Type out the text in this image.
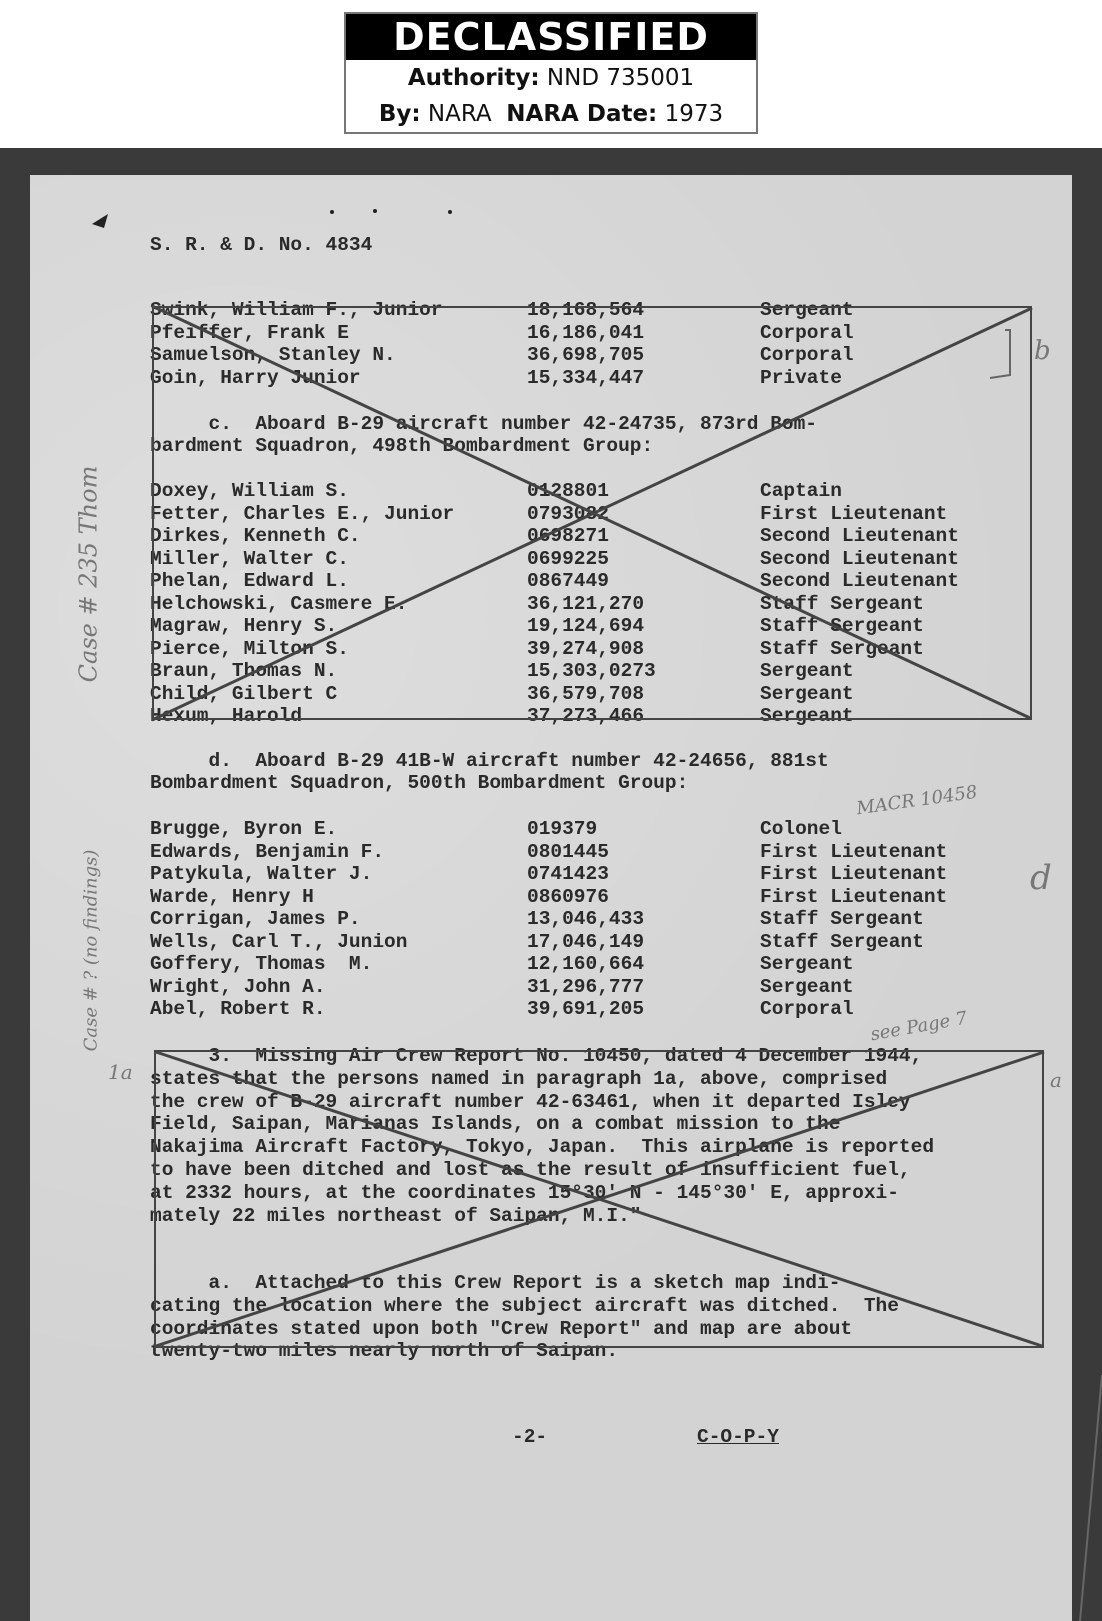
DECLASSIFIED
Authority: NND 735001
By: NARA NARA Date: 1973
S. R. & D. No. 4834
Swink, William F., Junior	18,168,564	Sergeant
Pfeiffer, Frank E	16,186,041	Corporal
Samuelson, Stanley N.	36,698,705	Corporal
Goin, Harry Junior	15,334,447	Private
c.  Aboard B-29 aircraft number 42-24735, 873rd Bom-
bardment Squadron, 498th Bombardment Group:
Doxey, William S.	0128801	Captain
Fetter, Charles E., Junior	0793082	First Lieutenant
Dirkes, Kenneth C.	0698271	Second Lieutenant
Miller, Walter C.	0699225	Second Lieutenant
Phelan, Edward L.	0867449	Second Lieutenant
Helchowski, Casmere E.	36,121,270	Staff Sergeant
Magraw, Henry S.	19,124,694	Staff Sergeant
Pierce, Milton S.	39,274,908	Staff Sergeant
Braun, Thomas N.	15,303,0273	Sergeant
Child, Gilbert C	36,579,708	Sergeant
Hexum, Harold	37,273,466	Sergeant
d.  Aboard B-29 41B-W aircraft number 42-24656, 881st
Bombardment Squadron, 500th Bombardment Group:
Brugge, Byron E.	019379	Colonel
Edwards, Benjamin F.	0801445	First Lieutenant
Patykula, Walter J.	0741423	First Lieutenant
Warde, Henry H	0860976	First Lieutenant
Corrigan, James P.	13,046,433	Staff Sergeant
Wells, Carl T., Junion	17,046,149	Staff Sergeant
Goffery, Thomas  M.	12,160,664	Sergeant
Wright, John A.	31,296,777	Sergeant
Abel, Robert R.	39,691,205	Corporal
3.  Missing Air Crew Report No. 10450, dated 4 December 1944,
states that the persons named in paragraph 1a, above, comprised
the crew of B-29 aircraft number 42-63461, when it departed Isley
Field, Saipan, Marianas Islands, on a combat mission to the
Nakajima Aircraft Factory, Tokyo, Japan.  This airplane is reported
to have been ditched and lost as the result of insufficient fuel,
at 2332 hours, at the coordinates 15°30' N - 145°30' E, approxi-
mately 22 miles northeast of Saipan, M.I."
a.  Attached to this Crew Report is a sketch map indi-
cating the location where the subject aircraft was ditched.  The
coordinates stated upon both "Crew Report" and map are about
twenty-two miles nearly north of Saipan.
-2-	C-O-P-Y
b
d
a
1a
MACR 10458
see Page 7
Case # 235 Thom
Case # ? (no findings)
